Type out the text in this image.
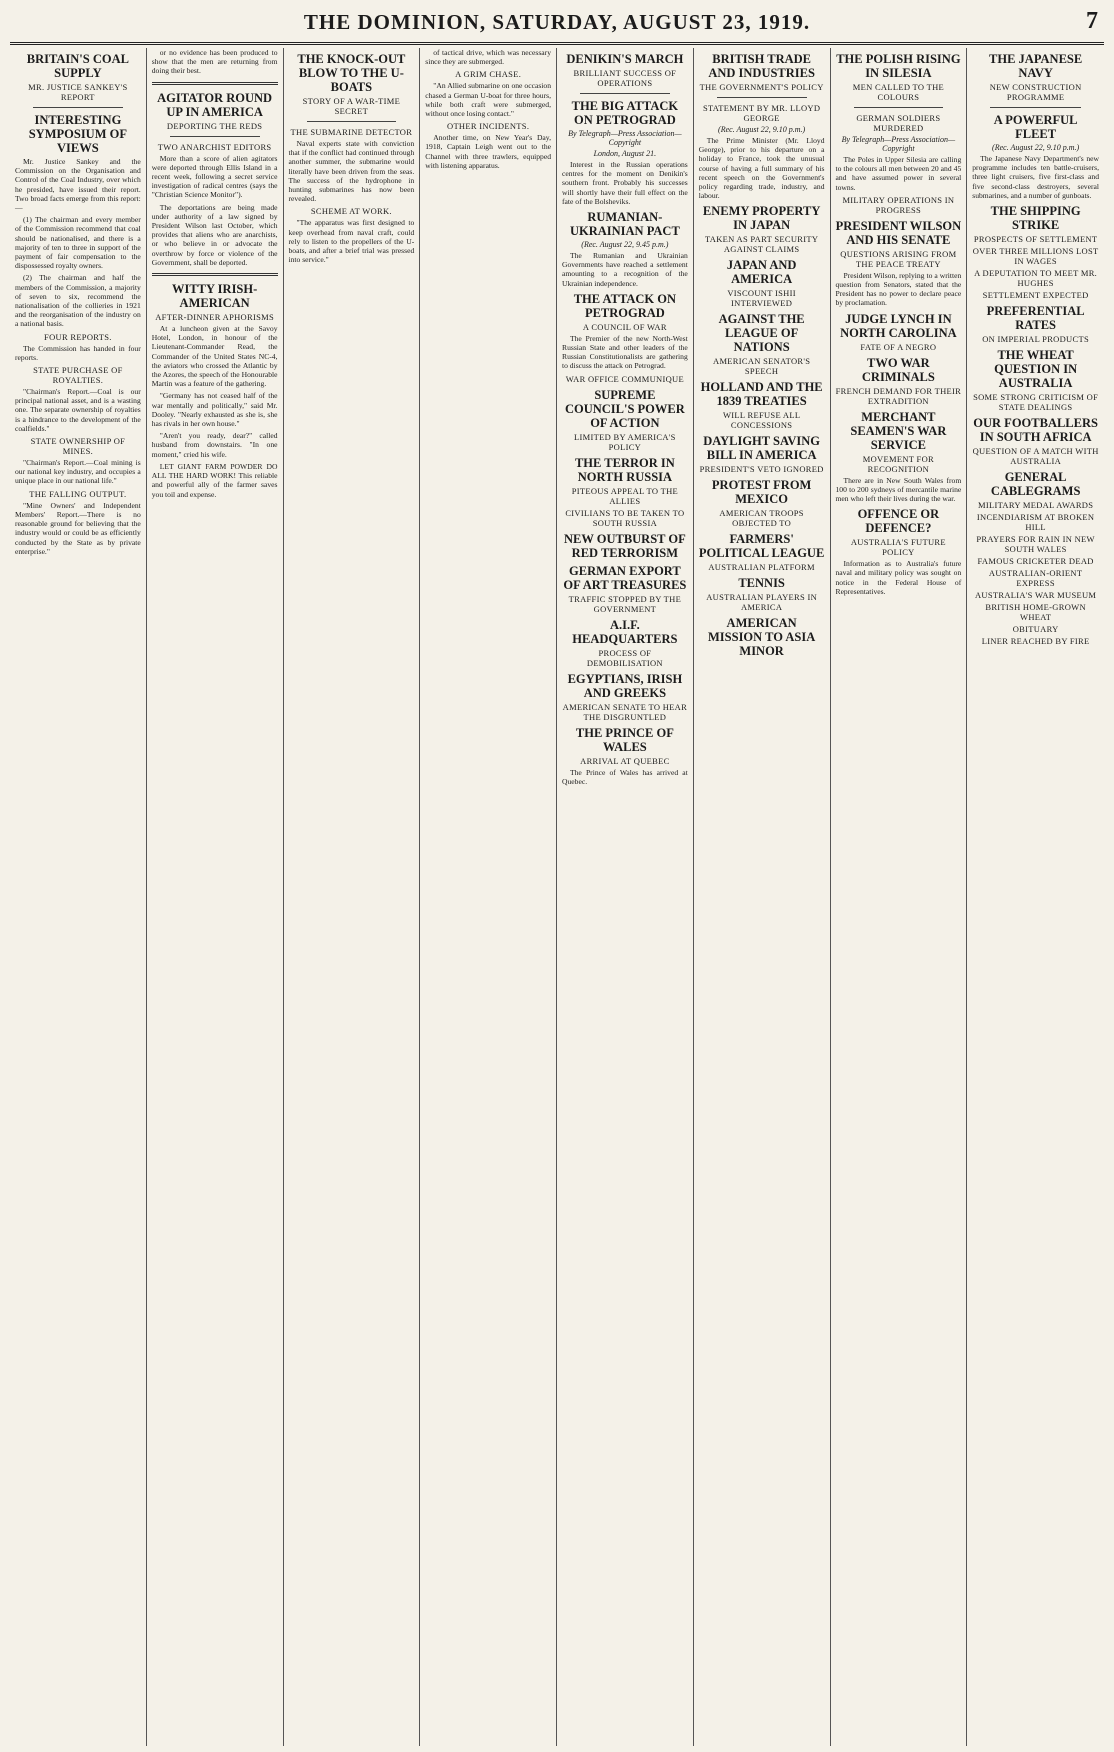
THE DOMINION, SATURDAY, AUGUST 23, 1919.	7
BRITAIN'S COAL SUPPLY
MR. JUSTICE SANKEY'S REPORT
INTERESTING SYMPOSIUM OF VIEWS

Mr. Justice Sankey and the Commission on the Organisation and Control of the Coal Industry, over which he presided, have issued their report. Two broad facts emerge from this report:—

(1) The chairman and every member of the Commission recommend that coal should be nationalised, and there is a majority of ten to three in support of the payment of fair compensation to the dispossessed royalty owners.

(2) The chairman and half the members of the Commission, a majority of seven to six, recommend the nationalisation of the collieries in 1921 and the reorganisation of the industry on a national basis.

FOUR REPORTS.

The Commission has handed in four reports.

STATE PURCHASE OF ROYALTIES.

"Chairman's Report.—Coal is our principal national asset, and is a wasting one. The separate ownership of royalties is a hindrance to the development of the coalfields."

STATE OWNERSHIP OF MINES.

"Chairman's Report.—Coal mining is our national key industry, and occupies a unique place in our national life."

THE FALLING OUTPUT.

"Mine Owners' and Independent Members' Report.—There is no reasonable ground for believing that the industry would or could be as efficiently conducted by the State as by private enterprise."

or no evidence has been produced to show that the men are returning from doing their best.

AGITATOR ROUND UP IN AMERICA
DEPORTING THE REDS
TWO ANARCHIST EDITORS

More than a score of alien agitators were deported through Ellis Island in a recent week, following a secret service investigation of radical centres (says the "Christian Science Monitor").

The deportations are being made under authority of a law signed by President Wilson last October, which provides that aliens who are anarchists, or who believe in or advocate the overthrow by force or violence of the Government, shall be deported.

WITTY IRISH-AMERICAN
AFTER-DINNER APHORISMS

At a luncheon given at the Savoy Hotel, London, in honour of the Lieutenant-Commander Read, the Commander of the United States NC-4, the aviators who crossed the Atlantic by the Azores, the speech of the Honourable Martin was a feature of the gathering.

"Germany has not ceased half of the war mentally and politically," said Mr. Dooley. "Nearly exhausted as she is, she has rivals in her own house."

"Aren't you ready, dear?" called husband from downstairs. "In one moment," cried his wife.

LET GIANT FARM POWDER DO ALL THE HARD WORK! This reliable and powerful ally of the farmer saves you toil and expense.

THE KNOCK-OUT BLOW TO THE U-BOATS
STORY OF A WAR-TIME SECRET
THE SUBMARINE DETECTOR

Naval experts state with conviction that if the conflict had continued through another summer, the submarine would literally have been driven from the seas. The success of the hydrophone in hunting submarines has now been revealed.

SCHEME AT WORK.

"The apparatus was first designed to keep overhead from naval craft, could rely to listen to the propellers of the U-boats, and after a brief trial was pressed into service."

of tactical drive, which was necessary since they are submerged.

A GRIM CHASE.

"An Allied submarine on one occasion chased a German U-boat for three hours, while both craft were submerged, without once losing contact."

OTHER INCIDENTS.

Another time, on New Year's Day, 1918, Captain Leigh went out to the Channel with three trawlers, equipped with listening apparatus.

DENIKIN'S MARCH
BRILLIANT SUCCESS OF OPERATIONS
THE BIG ATTACK ON PETROGRAD
By Telegraph—Press Association—Copyright
London, August 21.

Interest in the Russian operations centres for the moment on Denikin's southern front. Probably his successes will shortly have their full effect on the fate of the Bolsheviks.

RUMANIAN-UKRAINIAN PACT
(Rec. August 22, 9.45 p.m.)

The Rumanian and Ukrainian Governments have reached a settlement amounting to a recognition of the Ukrainian independence.

THE ATTACK ON PETROGRAD
A COUNCIL OF WAR

The Premier of the new North-West Russian State and other leaders of the Russian Constitutionalists are gathering to discuss the attack on Petrograd.

WAR OFFICE COMMUNIQUE
SUPREME COUNCIL'S POWER OF ACTION
LIMITED BY AMERICA'S POLICY
THE TERROR IN NORTH RUSSIA
PITEOUS APPEAL TO THE ALLIES
CIVILIANS TO BE TAKEN TO SOUTH RUSSIA
NEW OUTBURST OF RED TERRORISM
GERMAN EXPORT OF ART TREASURES
TRAFFIC STOPPED BY THE GOVERNMENT
A.I.F. HEADQUARTERS
PROCESS OF DEMOBILISATION
EGYPTIANS, IRISH AND GREEKS
AMERICAN SENATE TO HEAR THE DISGRUNTLED
THE PRINCE OF WALES
ARRIVAL AT QUEBEC

The Prince of Wales has arrived at Quebec.

BRITISH TRADE AND INDUSTRIES
THE GOVERNMENT'S POLICY
STATEMENT BY MR. LLOYD GEORGE
(Rec. August 22, 9.10 p.m.)

The Prime Minister (Mr. Lloyd George), prior to his departure on a holiday to France, took the unusual course of having a full summary of his recent speech on the Government's policy regarding trade, industry, and labour.

ENEMY PROPERTY IN JAPAN
TAKEN AS PART SECURITY AGAINST CLAIMS
JAPAN AND AMERICA
VISCOUNT ISHII INTERVIEWED
AGAINST THE LEAGUE OF NATIONS
AMERICAN SENATOR'S SPEECH
HOLLAND AND THE 1839 TREATIES
WILL REFUSE ALL CONCESSIONS
DAYLIGHT SAVING BILL IN AMERICA
PRESIDENT'S VETO IGNORED
PROTEST FROM MEXICO
AMERICAN TROOPS OBJECTED TO
FARMERS' POLITICAL LEAGUE
AUSTRALIAN PLATFORM
TENNIS
AUSTRALIAN PLAYERS IN AMERICA
AMERICAN MISSION TO ASIA MINOR
THE POLISH RISING IN SILESIA
MEN CALLED TO THE COLOURS
GERMAN SOLDIERS MURDERED
By Telegraph—Press Association—Copyright

The Poles in Upper Silesia are calling to the colours all men between 20 and 45 and have assumed power in several towns.

MILITARY OPERATIONS IN PROGRESS
PRESIDENT WILSON AND HIS SENATE
QUESTIONS ARISING FROM THE PEACE TREATY

President Wilson, replying to a written question from Senators, stated that the President has no power to declare peace by proclamation.

JUDGE LYNCH IN NORTH CAROLINA
FATE OF A NEGRO
TWO WAR CRIMINALS
FRENCH DEMAND FOR THEIR EXTRADITION
MERCHANT SEAMEN'S WAR SERVICE
MOVEMENT FOR RECOGNITION

There are in New South Wales from 100 to 200 sydneys of mercantile marine men who left their lives during the war.

OFFENCE OR DEFENCE?
AUSTRALIA'S FUTURE POLICY

Information as to Australia's future naval and military policy was sought on notice in the Federal House of Representatives.

THE JAPANESE NAVY
NEW CONSTRUCTION PROGRAMME
A POWERFUL FLEET
(Rec. August 22, 9.10 p.m.)

The Japanese Navy Department's new programme includes ten battle-cruisers, three light cruisers, five first-class and five second-class destroyers, several submarines, and a number of gunboats.

THE SHIPPING STRIKE
PROSPECTS OF SETTLEMENT
OVER THREE MILLIONS LOST IN WAGES
A DEPUTATION TO MEET MR. HUGHES
SETTLEMENT EXPECTED
PREFERENTIAL RATES
ON IMPERIAL PRODUCTS
THE WHEAT QUESTION IN AUSTRALIA
SOME STRONG CRITICISM OF STATE DEALINGS
OUR FOOTBALLERS IN SOUTH AFRICA
QUESTION OF A MATCH WITH AUSTRALIA
GENERAL CABLEGRAMS
MILITARY MEDAL AWARDS
INCENDIARISM AT BROKEN HILL
PRAYERS FOR RAIN IN NEW SOUTH WALES
FAMOUS CRICKETER DEAD
AUSTRALIAN-ORIENT EXPRESS
AUSTRALIA'S WAR MUSEUM
BRITISH HOME-GROWN WHEAT
OBITUARY
LINER REACHED BY FIRE
